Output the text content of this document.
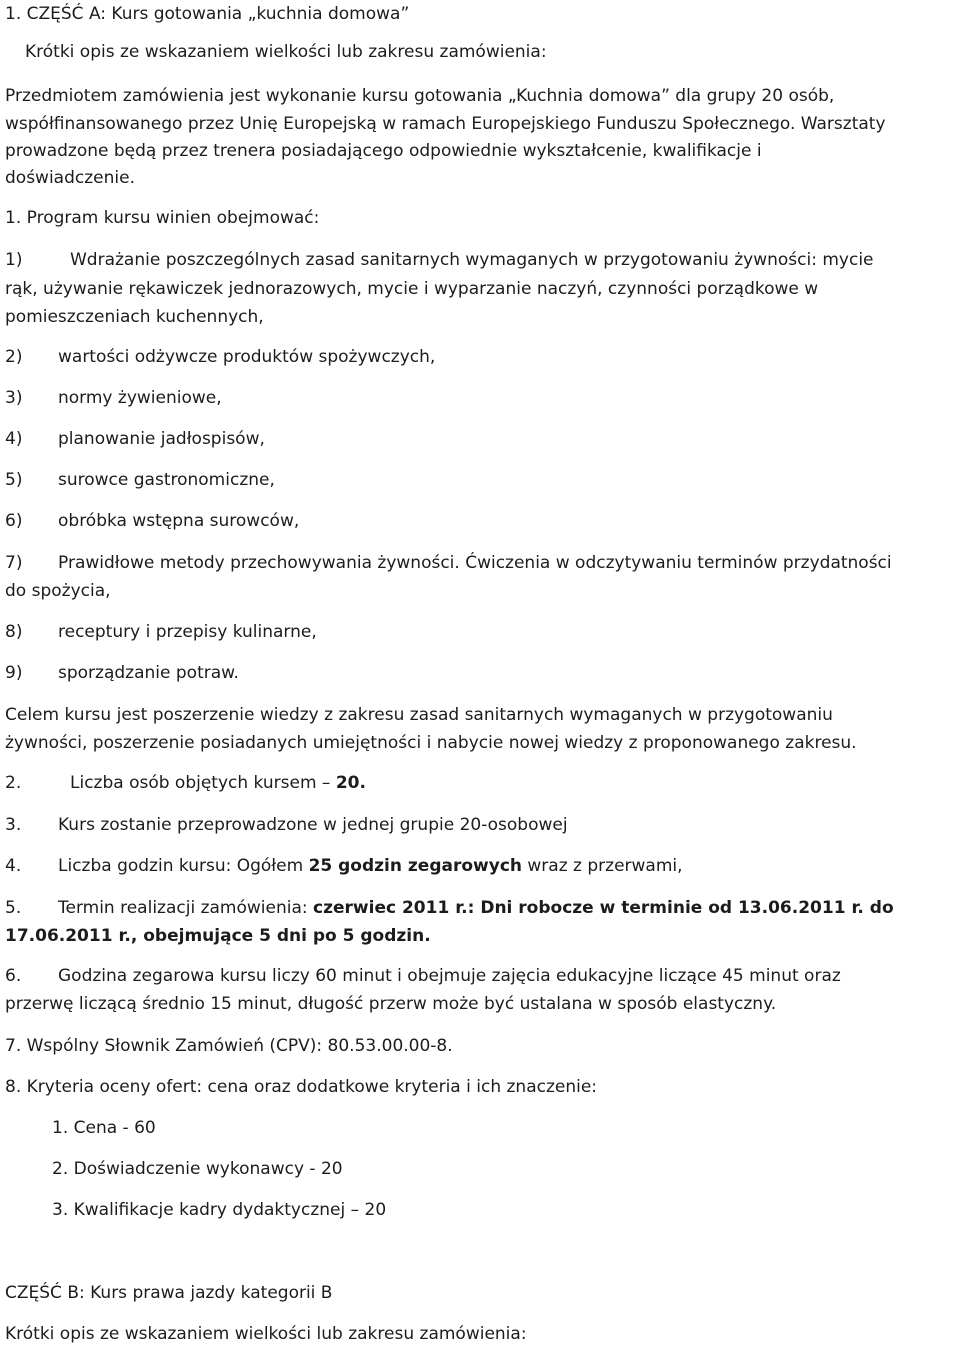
1. CZĘŚĆ A: Kurs gotowania „kuchnia domowa”
Krótki opis ze wskazaniem wielkości lub zakresu zamówienia:
Przedmiotem zamówienia jest wykonanie kursu gotowania „Kuchnia domowa” dla grupy 20 osób,
współfinansowanego przez Unię Europejską w ramach Europejskiego Funduszu Społecznego. Warsztaty
prowadzone będą przez trenera posiadającego odpowiednie wykształcenie, kwalifikacje i
doświadczenie.
1. Program kursu winien obejmować:
1)	Wdrażanie poszczególnych zasad sanitarnych wymaganych w przygotowaniu żywności: mycie
rąk, używanie rękawiczek jednorazowych, mycie i wyparzanie naczyń, czynności porządkowe w
pomieszczeniach kuchennych,
2) wartości odżywcze produktów spożywczych,
3) normy żywieniowe,
4) planowanie jadłospisów,
5) surowce gastronomiczne,
6) obróbka wstępna surowców,
7) Prawidłowe metody przechowywania żywności. Ćwiczenia w odczytywaniu terminów przydatności
do spożycia,
8) receptury i przepisy kulinarne,
9) sporządzanie potraw.
Celem kursu jest poszerzenie wiedzy z zakresu zasad sanitarnych wymaganych w przygotowaniu
żywności, poszerzenie posiadanych umiejętności i nabycie nowej wiedzy z proponowanego zakresu.
2.	Liczba osób objętych kursem – 20.
3. Kurs zostanie przeprowadzone w jednej grupie 20-osobowej
4. Liczba godzin kursu: Ogółem 25 godzin zegarowych wraz z przerwami,
5. Termin realizacji zamówienia: czerwiec 2011 r.: Dni robocze w terminie od 13.06.2011 r. do
17.06.2011 r., obejmujące 5 dni po 5 godzin.
6. Godzina zegarowa kursu liczy 60 minut i obejmuje zajęcia edukacyjne liczące 45 minut oraz
przerwę liczącą średnio 15 minut, długość przerw może być ustalana w sposób elastyczny.
7. Wspólny Słownik Zamówień (CPV): 80.53.00.00-8.
8. Kryteria oceny ofert: cena oraz dodatkowe kryteria i ich znaczenie:
1. Cena - 60
2. Doświadczenie wykonawcy - 20
3. Kwalifikacje kadry dydaktycznej – 20
CZĘŚĆ B: Kurs prawa jazdy kategorii B
Krótki opis ze wskazaniem wielkości lub zakresu zamówienia:
